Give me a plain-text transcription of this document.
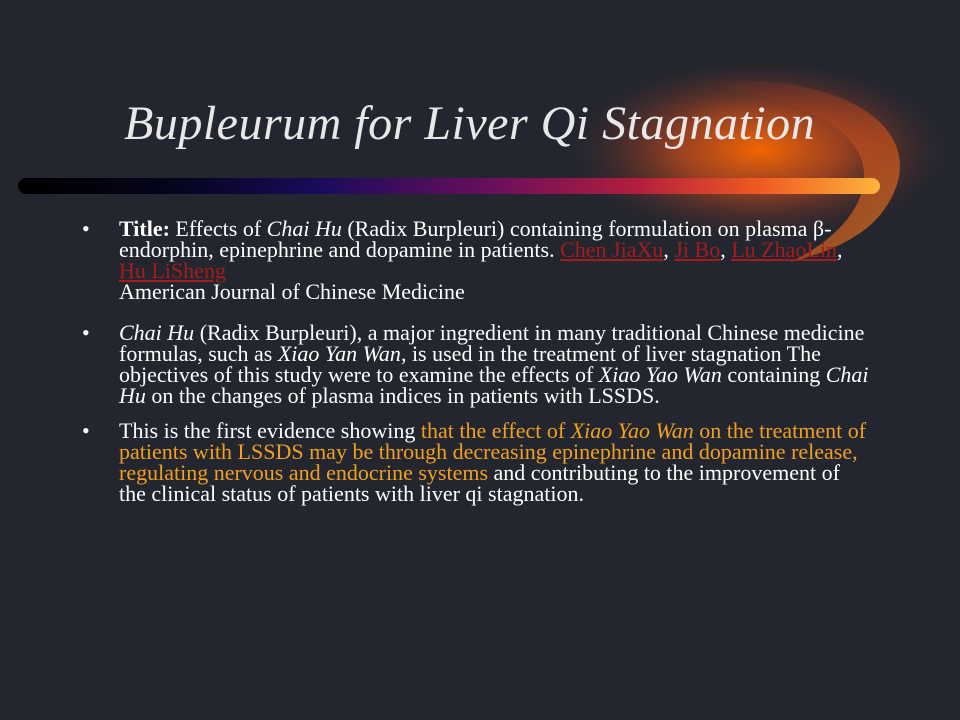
Bupleurum for Liver Qi Stagnation

• Title: Effects of Chai Hu (Radix Burpleuri) containing formulation on plasma β-endorphin, epinephrine and dopamine in patients. Chen JiaXu, Ji Bo, Lu ZhaoLin, Hu LiSheng
American Journal of Chinese Medicine

• Chai Hu (Radix Burpleuri), a major ingredient in many traditional Chinese medicine formulas, such as Xiao Yan Wan, is used in the treatment of liver stagnation The objectives of this study were to examine the effects of Xiao Yao Wan containing Chai Hu on the changes of plasma indices in patients with LSSDS.

• This is the first evidence showing that the effect of Xiao Yao Wan on the treatment of patients with LSSDS may be through decreasing epinephrine and dopamine release, regulating nervous and endocrine systems and contributing to the improvement of the clinical status of patients with liver qi stagnation.
